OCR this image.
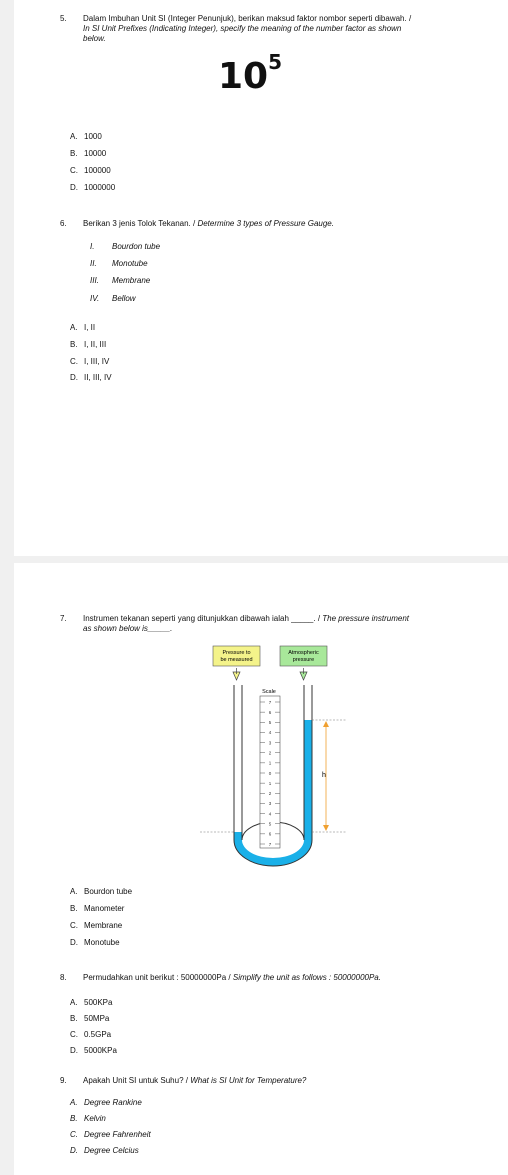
5. Dalam Imbuhan Unit SI (Integer Penunjuk), berikan maksud faktor nombor seperti dibawah. /
In SI Unit Prefixes (Indicating Integer), specify the meaning of the number factor as shown
below.
$10^5$
A. 1000
B. 10000
C. 100000
D. 1000000
6. Berikan 3 jenis Tolok Tekanan. / Determine 3 types of Pressure Gauge.
I. Bourdon tube
II. Monotube
III. Membrane
IV. Bellow
A. I, II
B. I, II, III
C. I, III, IV
D. II, III, IV
7. Instrumen tekanan seperti yang ditunjukkan dibawah ialah _____. / The pressure instrument
as shown below is_____.
Pressure to
be measured
Atmospheric
pressure
Scale
7
6
5
4
3
2
1
0
1
2
3
4
5
6
7
h
A. Bourdon tube
B. Manometer
C. Membrane
D. Monotube
8. Permudahkan unit berikut : 50000000Pa / Simplify the unit as follows : 50000000Pa.
A. 500KPa
B. 50MPa
C. 0.5GPa
D. 5000KPa
9. Apakah Unit SI untuk Suhu? / What is SI Unit for Temperature?
A. Degree Rankine
B. Kelvin
C. Degree Fahrenheit
D. Degree Celcius
